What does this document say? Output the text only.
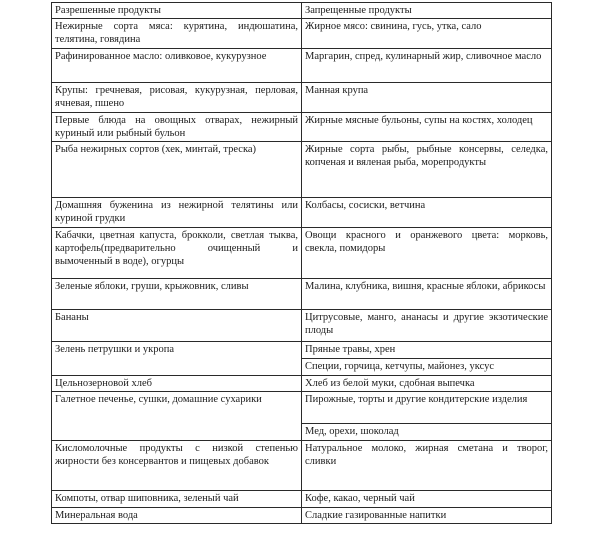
Разрешенные продукты	Запрещенные продукты
Нежирные сорта мяса: курятина, индюшатина, телятина, говядина	Жирное мясо: свинина, гусь, утка, сало
Рафинированное масло: оливковое, кукурузное	Маргарин, спред, кулинарный жир, сливочное масло
Крупы: гречневая, рисовая, кукурузная, перловая, ячневая, пшено	Манная крупа
Первые блюда на овощных отварах, нежирный куриный или рыбный бульон	Жирные мясные бульоны, супы на костях, холодец
Рыба нежирных сортов (хек, минтай, треска)	Жирные сорта рыбы, рыбные консервы, селедка, копченая и вяленая рыба, морепродукты
Домашняя буженина из нежирной телятины или куриной грудки	Колбасы, сосиски, ветчина
Кабачки, цветная капуста, брокколи, светлая тыква, картофель(предварительно очищенный и вымоченный в воде), огурцы	Овощи красного и оранжевого цвета: морковь, свекла, помидоры
Зеленые яблоки, груши, крыжовник, сливы	Малина, клубника, вишня, красные яблоки, абрикосы
Бананы	Цитрусовые, манго, ананасы и другие экзотические плоды
Зелень петрушки и укропа	Пряные травы, хрен
	Специи, горчица, кетчупы, майонез, уксус
Цельнозерновой хлеб	Хлеб из белой муки, сдобная выпечка
Галетное печенье, сушки, домашние сухарики	Пирожные, торты и другие кондитерские изделия
	Мед, орехи, шоколад
Кисломолочные продукты с низкой степенью жирности без консервантов и пищевых добавок	Натуральное молоко, жирная сметана и творог, сливки
Компоты, отвар шиповника, зеленый чай	Кофе, какао, черный чай
Минеральная вода	Сладкие газированные напитки
